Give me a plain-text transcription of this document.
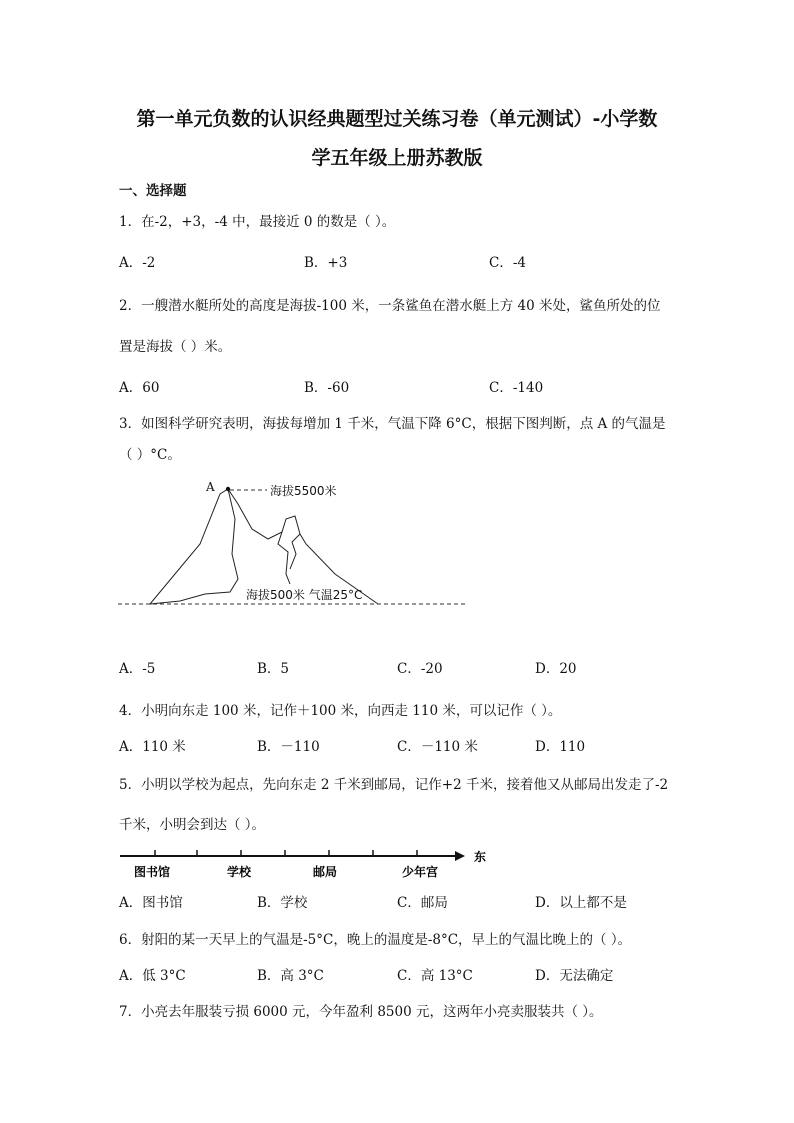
第一单元负数的认识经典题型过关练习卷（单元测试）-小学数
学五年级上册苏教版
一、选择题
1．在-2，+3，-4 中，最接近 0 的数是（ ）。
A．-2	B．+3	C．-4
2．一艘潜水艇所处的高度是海拔-100 米，一条鲨鱼在潜水艇上方 40 米处，鲨鱼所处的位
置是海拔（ ）米。
A．60	B．-60	C．-140
3．如图科学研究表明，海拔每增加 1 千米，气温下降 6°C，根据下图判断，点 A 的气温是
（ ）°C。
A	海拔5500米
海拔500米 气温25°C
A．-5	B．5	C．-20	D．20
4．小明向东走 100 米，记作＋100 米，向西走 110 米，可以记作（ ）。
A．110 米	B．－110	C．－110 米	D．110
5．小明以学校为起点，先向东走 2 千米到邮局，记作+2 千米，接着他又从邮局出发走了-2
千米，小明会到达（ ）。
图书馆	学校	邮局	少年宫
东
A．图书馆	B．学校	C．邮局	D．以上都不是
6．射阳的某一天早上的气温是-5°C，晚上的温度是-8°C，早上的气温比晚上的（ ）。
A．低 3°C	B．高 3°C	C．高 13°C	D．无法确定
7．小亮去年服装亏损 6000 元，今年盈利 8500 元，这两年小亮卖服装共（ ）。
